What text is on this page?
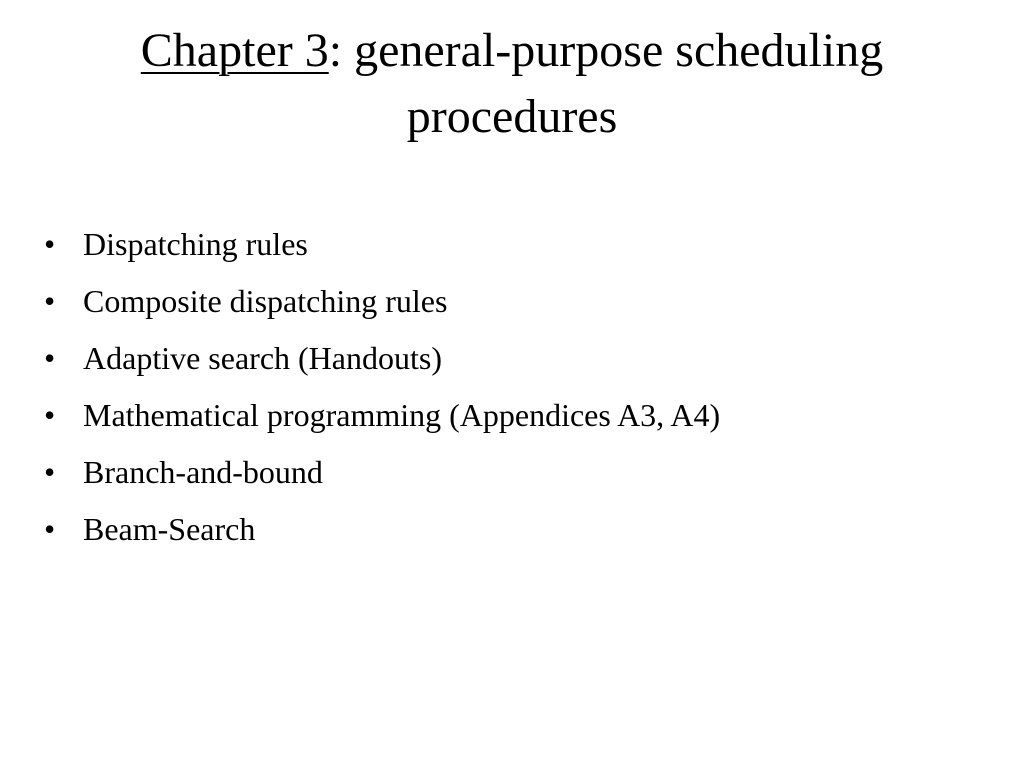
Chapter 3: general-purpose scheduling procedures
• Dispatching rules
• Composite dispatching rules
• Adaptive search (Handouts)
• Mathematical programming (Appendices A3, A4)
• Branch-and-bound
• Beam-Search
